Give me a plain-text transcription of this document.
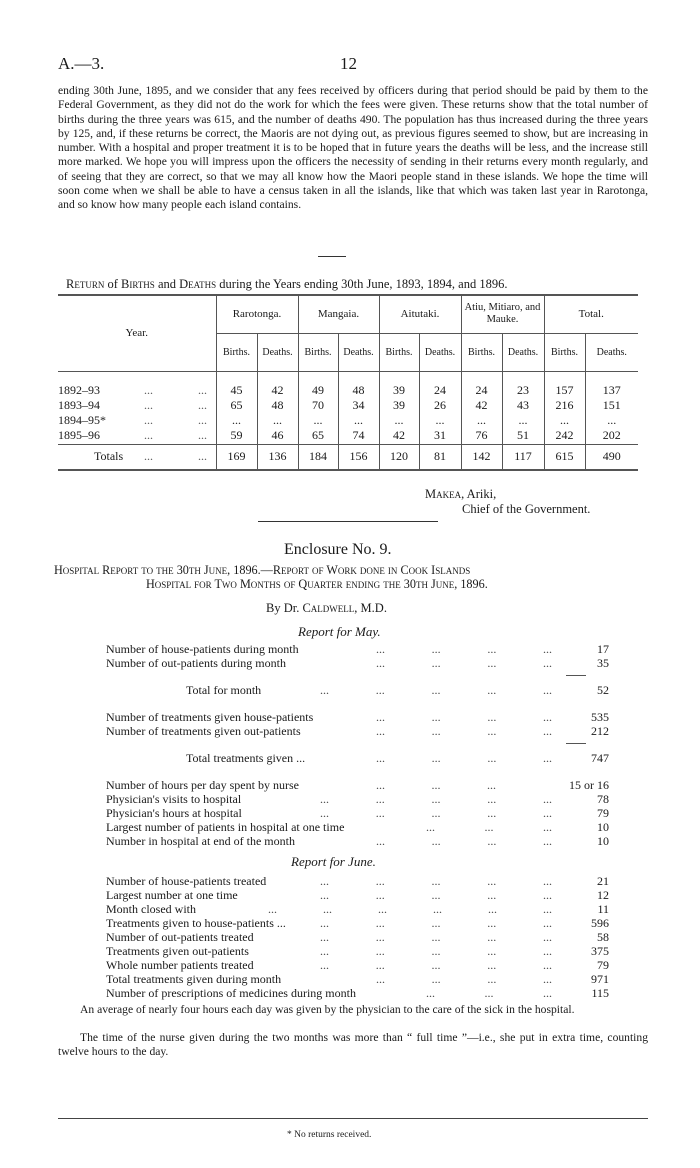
A.—3.	12

ending 30th June, 1895, and we consider that any fees received by officers during that period should be paid by them to the Federal Government, as they did not do the work for which the fees were given. These returns show that the total number of births during the three years was 615, and the number of deaths 490. The population has thus increased during the three years by 125, and, if these returns be correct, the Maoris are not dying out, as previous figures seemed to show, but are increasing in number. With a hospital and proper treatment it is to be hoped that in future years the deaths will be less, and the increase still more marked. We hope you will impress upon the officers the necessity of sending in their returns every month regularly, and of seeing that they are correct, so that we may all know how the Maori people stand in these islands. We hope the time will soon come when we shall be able to have a census taken in all the islands, like that which was taken last year in Rarotonga, and so know how many people each island contains.

Return of Births and Deaths during the Years ending 30th June, 1893, 1894, and 1896.
Year.	Rarotonga.		Mangaia.		Aitutaki.		Atiu, Mitiaro, and Mauke.		Total.	
	Births.	Deaths.	Births.	Deaths.	Births.	Deaths.	Births.	Deaths.	Births.	Deaths.

1892–93 ... ...	45	42	49	48	39	24	24	23	157	137
1893–94 ... ...	65	48	70	34	39	26	42	43	216	151
1894–95* ... ...	...	...	...	...	...	...	...	...	...	...
1895–96 ... ...	59	46	65	74	42	31	76	51	242	202
Totals ... ...	169	136	184	156	120	81	142	117	615	490
Makea, Ariki,
Chief of the Government.
Enclosure No. 9.
Hospital Report to the 30th June, 1896.—Report of Work done in Cook Islands
Hospital for Two Months of Quarter ending the 30th June, 1896.
By Dr. Caldwell, M.D.
Report for May.
Number of house-patients during month	...	...	...	...	17
Number of out-patients during month	...	...	...	...	35
Total for month	...	...	...	...	...	52
Number of treatments given house-patients	...	...	...	...	535
Number of treatments given out-patients	...	...	...	...	212
Total treatments given ...	...	...	...	...	747
Number of hours per day spent by nurse	...	...	...	15 or 16
Physician's visits to hospital	...	...	...	...	...	78
Physician's hours at hospital	...	...	...	...	...	79
Largest number of patients in hospital at one time	...	...	...	10
Number in hospital at end of the month	...	...	...	...	10
Report for June.
Number of house-patients treated	...	...	...	...	...	21
Largest number at one time	...	...	...	...	...	12
Month closed with	...	...	...	...	...	...	11
Treatments given to house-patients ...	...	...	...	...	...	596
Number of out-patients treated	...	...	...	...	...	58
Treatments given out-patients	...	...	...	...	...	375
Whole number patients treated	...	...	...	...	...	79
Total treatments given during month	...	...	...	...	971
Number of prescriptions of medicines during month	...	...	...	115

An average of nearly four hours each day was given by the physician to the care of the sick in the hospital.

The time of the nurse given during the two months was more than “ full time ”—i.e., she put in extra time, counting twelve hours to the day.

* No returns received.
